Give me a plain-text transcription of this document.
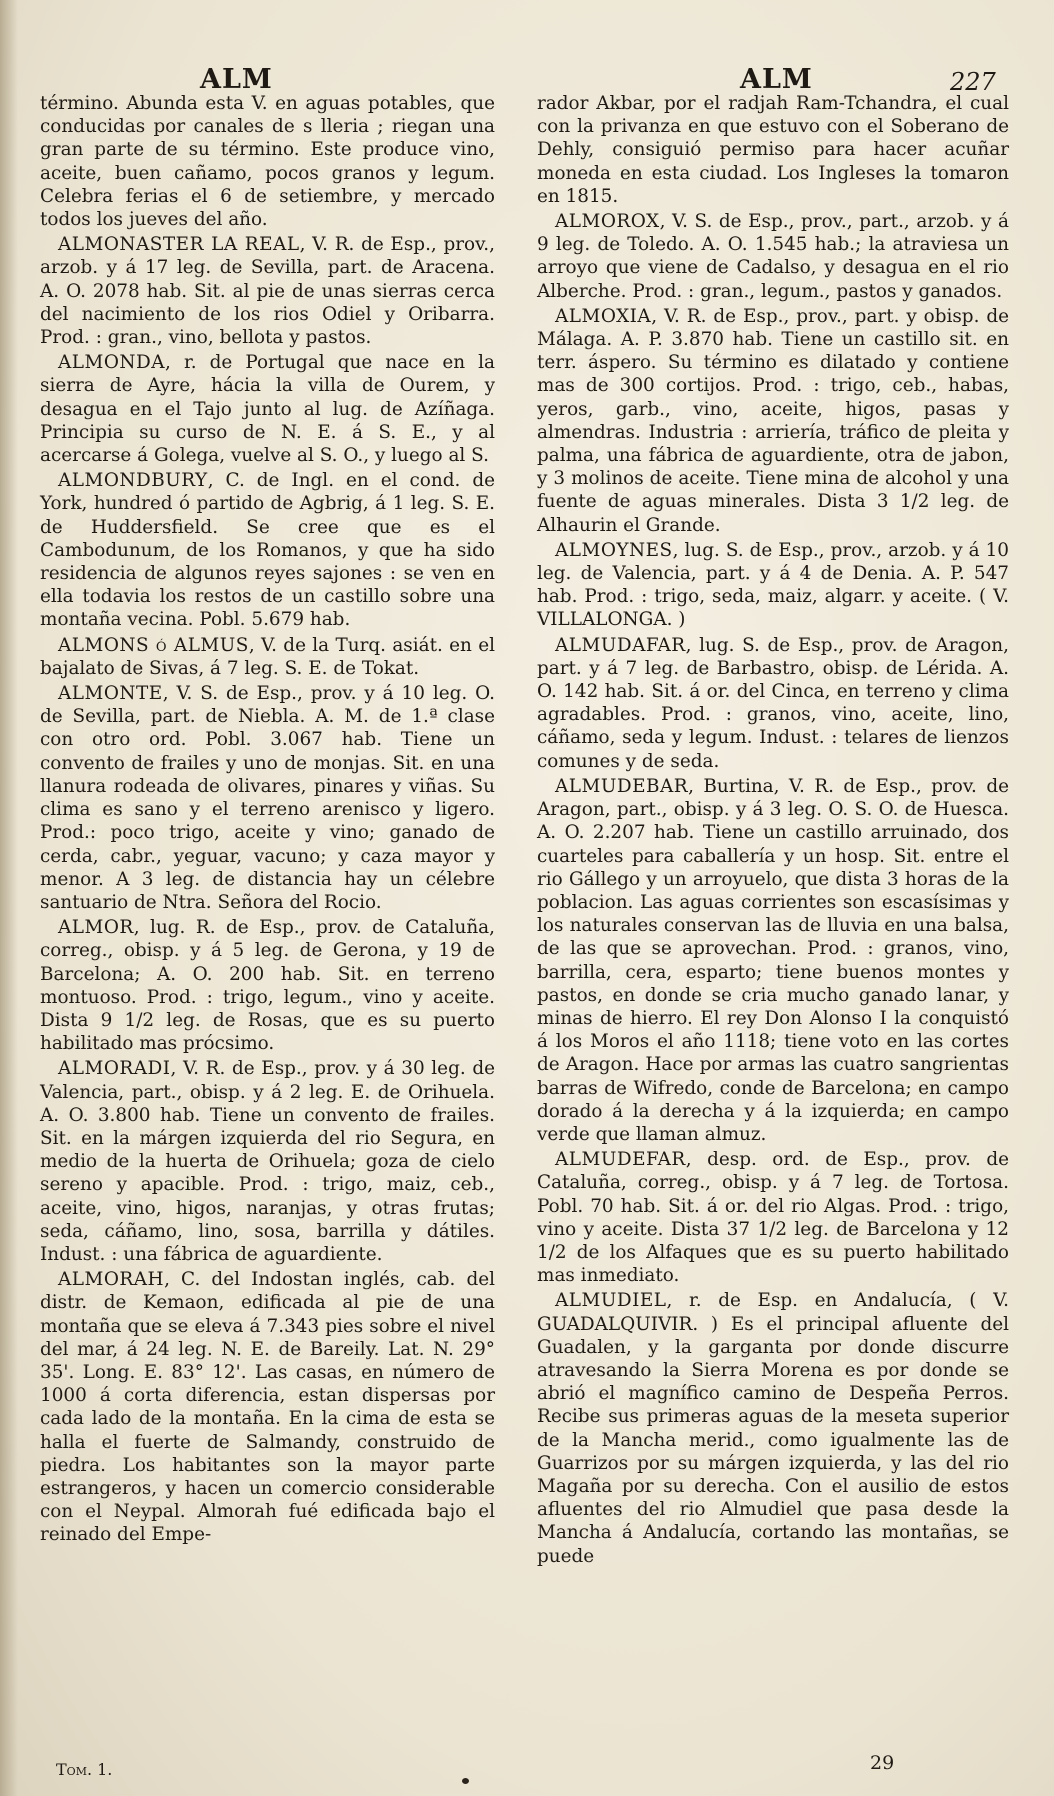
ALM	ALM	227

término. Abunda esta V. en aguas potables, que conducidas por canales de s lleria ; riegan una gran parte de su término. Este produce vino, aceite, buen cañamo, pocos granos y legum. Celebra ferias el 6 de setiembre, y mercado todos los jueves del año.

ALMONASTER LA REAL, V. R. de Esp., prov., arzob. y á 17 leg. de Sevilla, part. de Aracena. A. O. 2078 hab. Sit. al pie de unas sierras cerca del nacimiento de los rios Odiel y Oribarra. Prod. : gran., vino, bellota y pastos.

ALMONDA, r. de Portugal que nace en la sierra de Ayre, hácia la villa de Ourem, y desagua en el Tajo junto al lug. de Azíñaga. Principia su curso de N. E. á S. E., y al acercarse á Golega, vuelve al S. O., y luego al S.

ALMONDBURY, C. de Ingl. en el cond. de York, hundred ó partido de Agbrig, á 1 leg. S. E. de Huddersfield. Se cree que es el Cambodunum, de los Romanos, y que ha sido residencia de algunos reyes sajones : se ven en ella todavia los restos de un castillo sobre una montaña vecina. Pobl. 5.679 hab.

ALMONS ó ALMUS, V. de la Turq. asiát. en el bajalato de Sivas, á 7 leg. S. E. de Tokat.

ALMONTE, V. S. de Esp., prov. y á 10 leg. O. de Sevilla, part. de Niebla. A. M. de 1.ª clase con otro ord. Pobl. 3.067 hab. Tiene un convento de frailes y uno de monjas. Sit. en una llanura rodeada de olivares, pinares y viñas. Su clima es sano y el terreno arenisco y ligero. Prod.: poco trigo, aceite y vino; ganado de cerda, cabr., yeguar, vacuno; y caza mayor y menor. A 3 leg. de distancia hay un célebre santuario de Ntra. Señora del Rocio.

ALMOR, lug. R. de Esp., prov. de Cataluña, correg., obisp. y á 5 leg. de Gerona, y 19 de Barcelona; A. O. 200 hab. Sit. en terreno montuoso. Prod. : trigo, legum., vino y aceite. Dista 9 1/2 leg. de Rosas, que es su puerto habilitado mas prócsimo.

ALMORADI, V. R. de Esp., prov. y á 30 leg. de Valencia, part., obisp. y á 2 leg. E. de Orihuela. A. O. 3.800 hab. Tiene un convento de frailes. Sit. en la márgen izquierda del rio Segura, en medio de la huerta de Orihuela; goza de cielo sereno y apacible. Prod. : trigo, maiz, ceb., aceite, vino, higos, naranjas, y otras frutas; seda, cáñamo, lino, sosa, barrilla y dátiles. Indust. : una fábrica de aguardiente.

ALMORAH, C. del Indostan inglés, cab. del distr. de Kemaon, edificada al pie de una montaña que se eleva á 7.343 pies sobre el nivel del mar, á 24 leg. N. E. de Bareily. Lat. N. 29° 35'. Long. E. 83° 12'. Las casas, en número de 1000 á corta diferencia, estan dispersas por cada lado de la montaña. En la cima de esta se halla el fuerte de Salmandy, construido de piedra. Los habitantes son la mayor parte estrangeros, y hacen un comercio considerable con el Neypal. Almorah fué edificada bajo el reinado del Empe-

rador Akbar, por el radjah Ram-Tchandra, el cual con la privanza en que estuvo con el Soberano de Dehly, consiguió permiso para hacer acuñar moneda en esta ciudad. Los Ingleses la tomaron en 1815.

ALMOROX, V. S. de Esp., prov., part., arzob. y á 9 leg. de Toledo. A. O. 1.545 hab.; la atraviesa un arroyo que viene de Cadalso, y desagua en el rio Alberche. Prod. : gran., legum., pastos y ganados.

ALMOXIA, V. R. de Esp., prov., part. y obisp. de Málaga. A. P. 3.870 hab. Tiene un castillo sit. en terr. áspero. Su término es dilatado y contiene mas de 300 cortijos. Prod. : trigo, ceb., habas, yeros, garb., vino, aceite, higos, pasas y almendras. Industria : arriería, tráfico de pleita y palma, una fábrica de aguardiente, otra de jabon, y 3 molinos de aceite. Tiene mina de alcohol y una fuente de aguas minerales. Dista 3 1/2 leg. de Alhaurin el Grande.

ALMOYNES, lug. S. de Esp., prov., arzob. y á 10 leg. de Valencia, part. y á 4 de Denia. A. P. 547 hab. Prod. : trigo, seda, maiz, algarr. y aceite. ( V. VILLALONGA. )

ALMUDAFAR, lug. S. de Esp., prov. de Aragon, part. y á 7 leg. de Barbastro, obisp. de Lérida. A. O. 142 hab. Sit. á or. del Cinca, en terreno y clima agradables. Prod. : granos, vino, aceite, lino, cáñamo, seda y legum. Indust. : telares de lienzos comunes y de seda.

ALMUDEBAR, Burtina, V. R. de Esp., prov. de Aragon, part., obisp. y á 3 leg. O. S. O. de Huesca. A. O. 2.207 hab. Tiene un castillo arruinado, dos cuarteles para caballería y un hosp. Sit. entre el rio Gállego y un arroyuelo, que dista 3 horas de la poblacion. Las aguas corrientes son escasísimas y los naturales conservan las de lluvia en una balsa, de las que se aprovechan. Prod. : granos, vino, barrilla, cera, esparto; tiene buenos montes y pastos, en donde se cria mucho ganado lanar, y minas de hierro. El rey Don Alonso I la conquistó á los Moros el año 1118; tiene voto en las cortes de Aragon. Hace por armas las cuatro sangrientas barras de Wifredo, conde de Barcelona; en campo dorado á la derecha y á la izquierda; en campo verde que llaman almuz.

ALMUDEFAR, desp. ord. de Esp., prov. de Cataluña, correg., obisp. y á 7 leg. de Tortosa. Pobl. 70 hab. Sit. á or. del rio Algas. Prod. : trigo, vino y aceite. Dista 37 1/2 leg. de Barcelona y 12 1/2 de los Alfaques que es su puerto habilitado mas inmediato.

ALMUDIEL, r. de Esp. en Andalucía, ( V. GUADALQUIVIR. ) Es el principal afluente del Guadalen, y la garganta por donde discurre atravesando la Sierra Morena es por donde se abrió el magnífico camino de Despeña Perros. Recibe sus primeras aguas de la meseta superior de la Mancha merid., como igualmente las de Guarrizos por su márgen izquierda, y las del rio Magaña por su derecha. Con el ausilio de estos afluentes del rio Almudiel que pasa desde la Mancha á Andalucía, cortando las montañas, se puede

Tom. 1.	29
